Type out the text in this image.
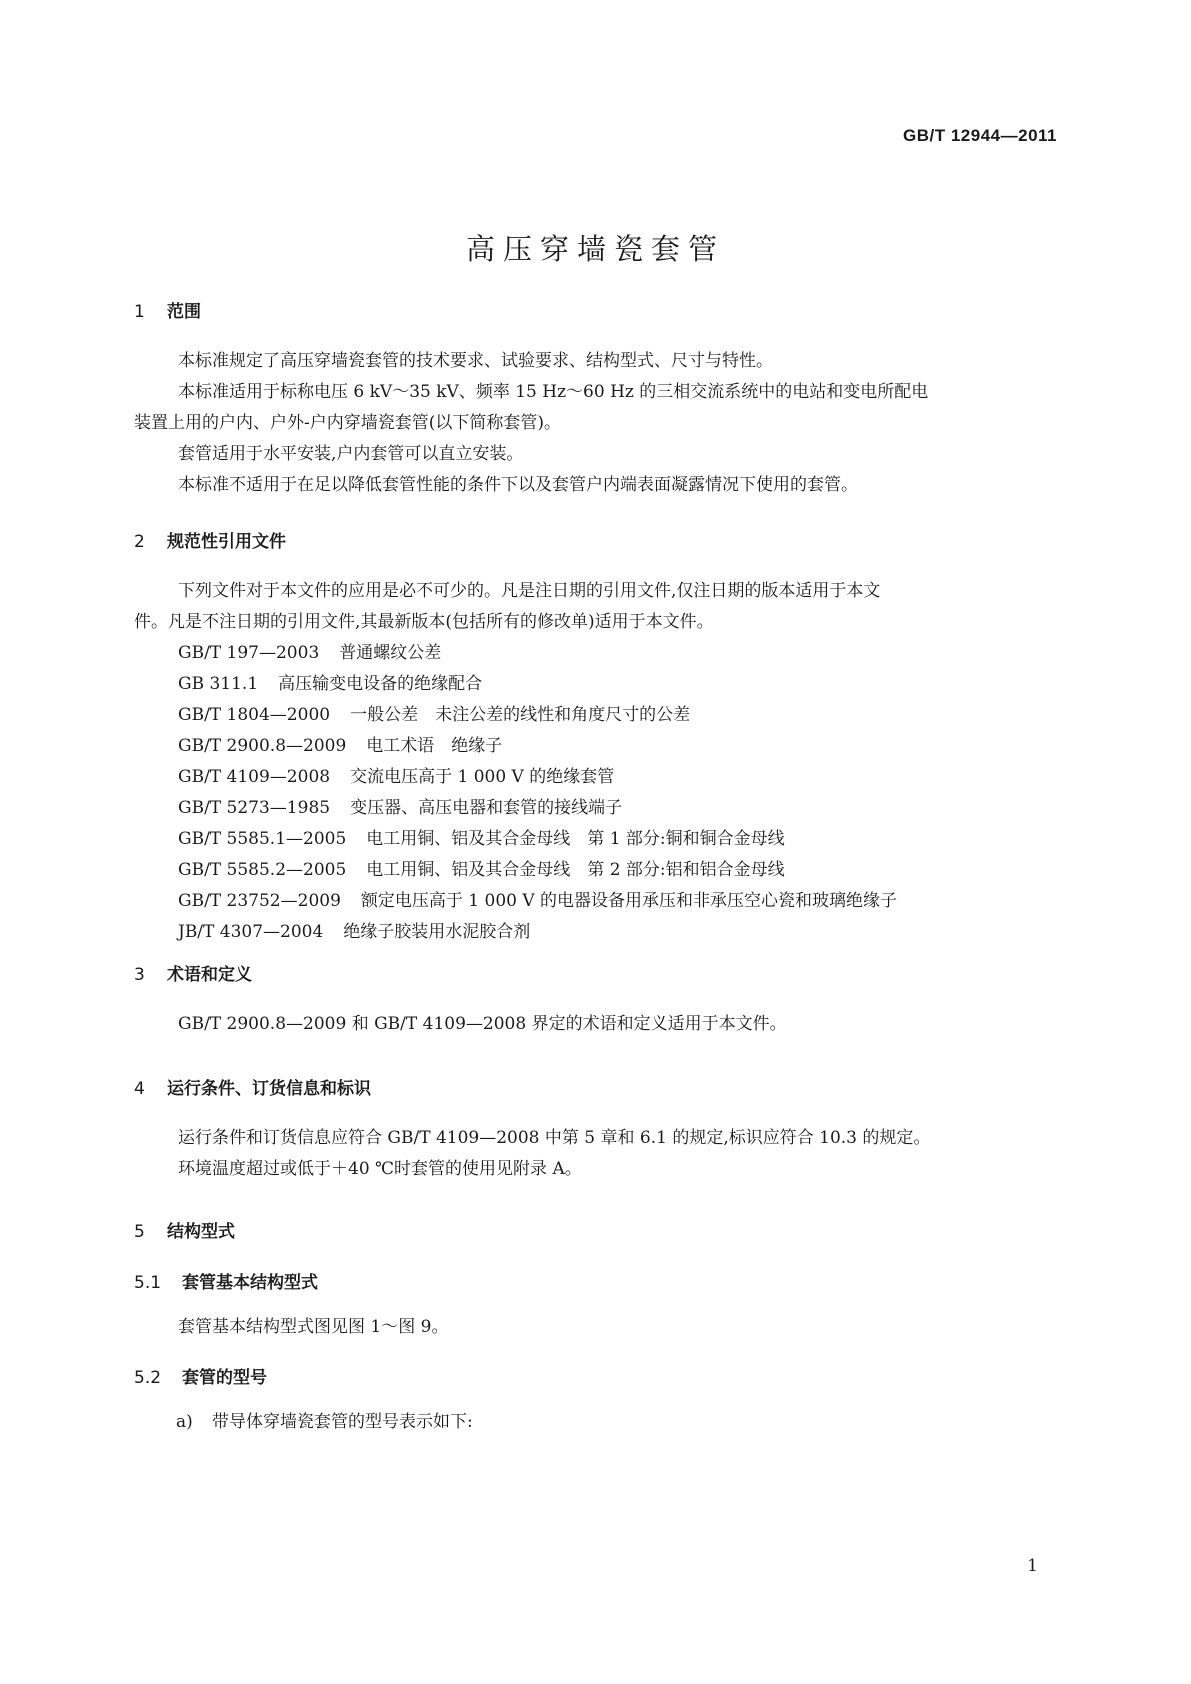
GB/T 12944—2011
高压穿墙瓷套管
1 范围
本标准规定了高压穿墙瓷套管的技术要求、试验要求、结构型式、尺寸与特性。
本标准适用于标称电压 6 kV～35 kV、频率 15 Hz～60 Hz 的三相交流系统中的电站和变电所配电
装置上用的户内、户外-户内穿墙瓷套管(以下简称套管)。
套管适用于水平安装,户内套管可以直立安装。
本标准不适用于在足以降低套管性能的条件下以及套管户内端表面凝露情况下使用的套管。
2 规范性引用文件
下列文件对于本文件的应用是必不可少的。凡是注日期的引用文件,仅注日期的版本适用于本文
件。凡是不注日期的引用文件,其最新版本(包括所有的修改单)适用于本文件。
GB/T 197—2003 普通螺纹公差
GB 311.1 高压输变电设备的绝缘配合
GB/T 1804—2000 一般公差　未注公差的线性和角度尺寸的公差
GB/T 2900.8—2009 电工术语　绝缘子
GB/T 4109—2008 交流电压高于 1 000 V 的绝缘套管
GB/T 5273—1985 变压器、高压电器和套管的接线端子
GB/T 5585.1—2005 电工用铜、铝及其合金母线　第 1 部分:铜和铜合金母线
GB/T 5585.2—2005 电工用铜、铝及其合金母线　第 2 部分:铝和铝合金母线
GB/T 23752—2009 额定电压高于 1 000 V 的电器设备用承压和非承压空心瓷和玻璃绝缘子
JB/T 4307—2004 绝缘子胶装用水泥胶合剂
3 术语和定义
GB/T 2900.8—2009 和 GB/T 4109—2008 界定的术语和定义适用于本文件。
4 运行条件、订货信息和标识
运行条件和订货信息应符合 GB/T 4109—2008 中第 5 章和 6.1 的规定,标识应符合 10.3 的规定。
环境温度超过或低于＋40 ℃时套管的使用见附录 A。
5 结构型式
5.1 套管基本结构型式
套管基本结构型式图见图 1～图 9。
5.2 套管的型号
a) 带导体穿墙瓷套管的型号表示如下:
1
